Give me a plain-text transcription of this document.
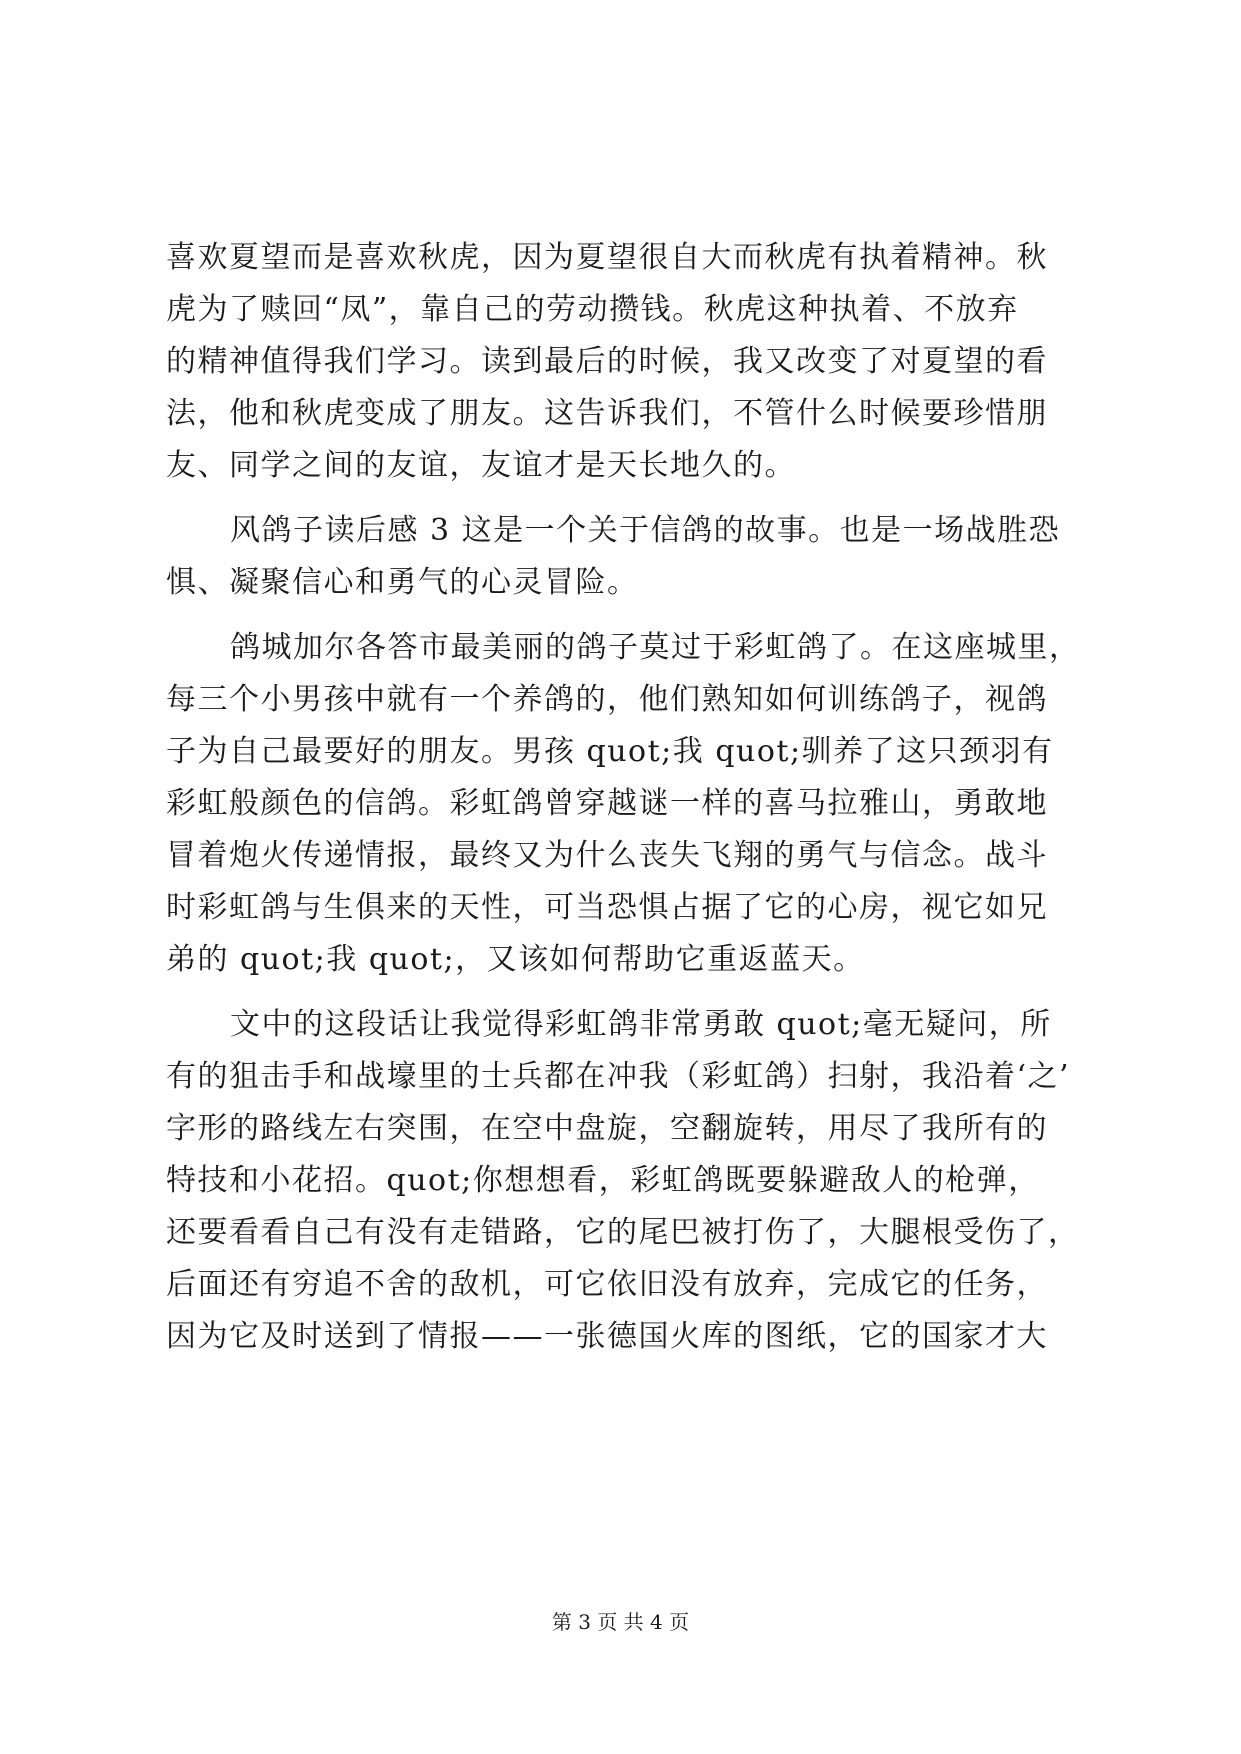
喜欢夏望而是喜欢秋虎，因为夏望很自大而秋虎有执着精神。秋
虎为了赎回“凤”，靠自己的劳动攒钱。秋虎这种执着、不放弃
的精神值得我们学习。读到最后的时候，我又改变了对夏望的看
法，他和秋虎变成了朋友。这告诉我们，不管什么时候要珍惜朋
友、同学之间的友谊，友谊才是天长地久的。
风鸽子读后感 3 这是一个关于信鸽的故事。也是一场战胜恐
惧、凝聚信心和勇气的心灵冒险。
鸽城加尔各答市最美丽的鸽子莫过于彩虹鸽了。在这座城里，
每三个小男孩中就有一个养鸽的，他们熟知如何训练鸽子，视鸽
子为自己最要好的朋友。男孩 quot;我 quot;驯养了这只颈羽有
彩虹般颜色的信鸽。彩虹鸽曾穿越谜一样的喜马拉雅山，勇敢地
冒着炮火传递情报，最终又为什么丧失飞翔的勇气与信念。战斗
时彩虹鸽与生俱来的天性，可当恐惧占据了它的心房，视它如兄
弟的 quot;我 quot;，又该如何帮助它重返蓝天。
文中的这段话让我觉得彩虹鸽非常勇敢 quot;毫无疑问，所
有的狙击手和战壕里的士兵都在冲我（彩虹鸽）扫射，我沿着‘之’
字形的路线左右突围，在空中盘旋，空翻旋转，用尽了我所有的
特技和小花招。quot;你想想看，彩虹鸽既要躲避敌人的枪弹，
还要看看自己有没有走错路，它的尾巴被打伤了，大腿根受伤了，
后面还有穷追不舍的敌机，可它依旧没有放弃，完成它的任务，
因为它及时送到了情报——一张德国火库的图纸，它的国家才大
第 3 页 共 4 页
